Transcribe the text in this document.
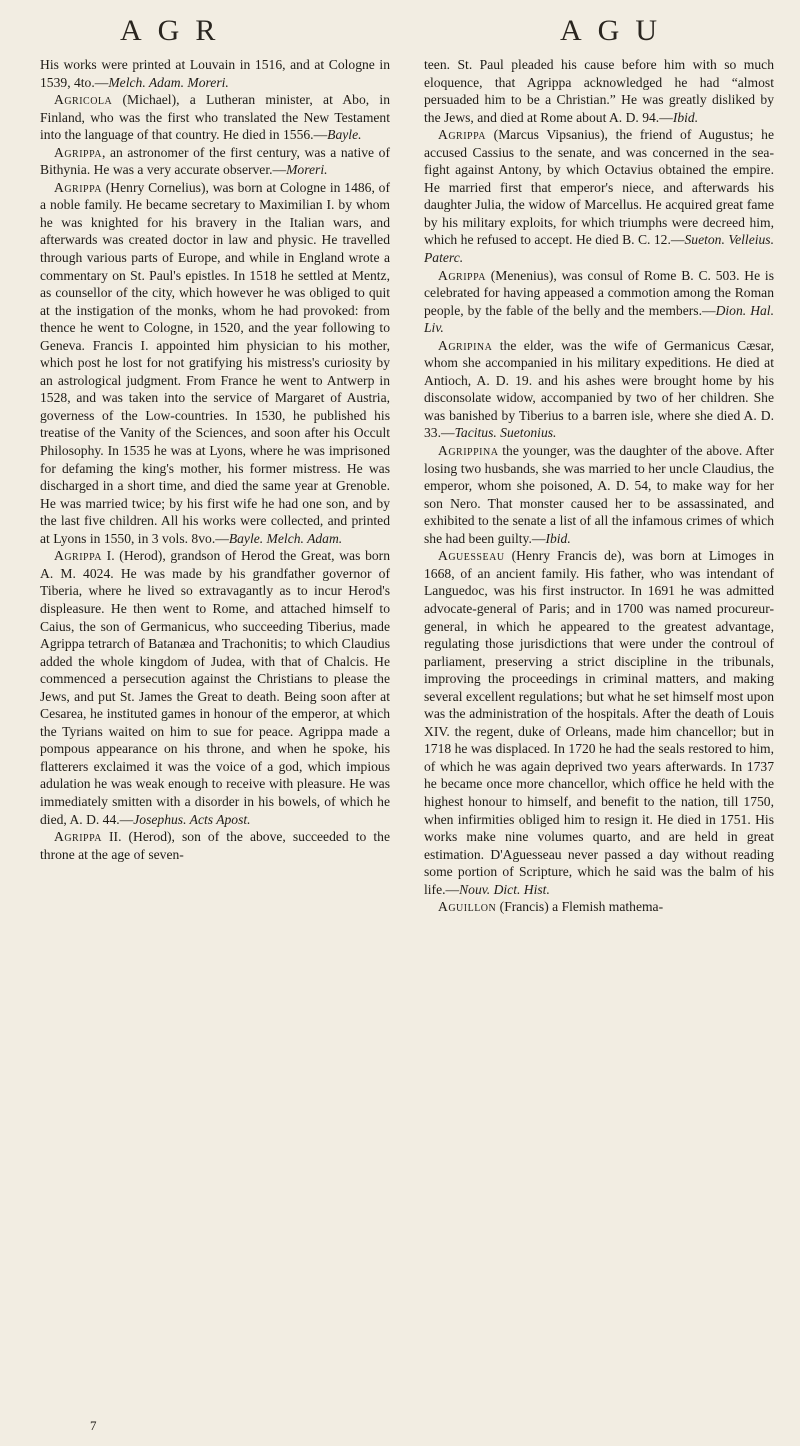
AGR	AGU

His works were printed at Louvain in 1516, and at Cologne in 1539, 4to.—Melch. Adam. Moreri.

Agricola (Michael), a Lutheran minister, at Abo, in Finland, who was the first who translated the New Testament into the language of that country. He died in 1556.—Bayle.

Agrippa, an astronomer of the first century, was a native of Bithynia. He was a very accurate observer.—Moreri.

Agrippa (Henry Cornelius), was born at Cologne in 1486, of a noble family. He became secretary to Maximilian I. by whom he was knighted for his bravery in the Italian wars, and afterwards was created doctor in law and physic. He travelled through various parts of Europe, and while in England wrote a commentary on St. Paul's epistles. In 1518 he settled at Mentz, as counsellor of the city, which however he was obliged to quit at the instigation of the monks, whom he had provoked: from thence he went to Cologne, in 1520, and the year following to Geneva. Francis I. appointed him physician to his mother, which post he lost for not gratifying his mistress's curiosity by an astrological judgment. From France he went to Antwerp in 1528, and was taken into the service of Margaret of Austria, governess of the Low-countries. In 1530, he published his treatise of the Vanity of the Sciences, and soon after his Occult Philosophy. In 1535 he was at Lyons, where he was imprisoned for defaming the king's mother, his former mistress. He was discharged in a short time, and died the same year at Grenoble. He was married twice; by his first wife he had one son, and by the last five children. All his works were collected, and printed at Lyons in 1550, in 3 vols. 8vo.—Bayle. Melch. Adam.

Agrippa I. (Herod), grandson of Herod the Great, was born A. M. 4024. He was made by his grandfather governor of Tiberia, where he lived so extravagantly as to incur Herod's displeasure. He then went to Rome, and attached himself to Caius, the son of Germanicus, who succeeding Tiberius, made Agrippa tetrarch of Batanæa and Trachonitis; to which Claudius added the whole kingdom of Judea, with that of Chalcis. He commenced a persecution against the Christians to please the Jews, and put St. James the Great to death. Being soon after at Cesarea, he instituted games in honour of the emperor, at which the Tyrians waited on him to sue for peace. Agrippa made a pompous appearance on his throne, and when he spoke, his flatterers exclaimed it was the voice of a god, which impious adulation he was weak enough to receive with pleasure. He was immediately smitten with a disorder in his bowels, of which he died, A. D. 44.—Josephus. Acts Apost.

Agrippa II. (Herod), son of the above, succeeded to the throne at the age of seven-

teen. St. Paul pleaded his cause before him with so much eloquence, that Agrippa acknowledged he had “almost persuaded him to be a Christian.” He was greatly disliked by the Jews, and died at Rome about A. D. 94.—Ibid.

Agrippa (Marcus Vipsanius), the friend of Augustus; he accused Cassius to the senate, and was concerned in the sea-fight against Antony, by which Octavius obtained the empire. He married first that emperor's niece, and afterwards his daughter Julia, the widow of Marcellus. He acquired great fame by his military exploits, for which triumphs were decreed him, which he refused to accept. He died B. C. 12.—Sueton. Velleius. Paterc.

Agrippa (Menenius), was consul of Rome B. C. 503. He is celebrated for having appeased a commotion among the Roman people, by the fable of the belly and the members.—Dion. Hal. Liv.

Agripina the elder, was the wife of Germanicus Cæsar, whom she accompanied in his military expeditions. He died at Antioch, A. D. 19. and his ashes were brought home by his disconsolate widow, accompanied by two of her children. She was banished by Tiberius to a barren isle, where she died A. D. 33.—Tacitus. Suetonius.

Agrippina the younger, was the daughter of the above. After losing two husbands, she was married to her uncle Claudius, the emperor, whom she poisoned, A. D. 54, to make way for her son Nero. That monster caused her to be assassinated, and exhibited to the senate a list of all the infamous crimes of which she had been guilty.—Ibid.

Aguesseau (Henry Francis de), was born at Limoges in 1668, of an ancient family. His father, who was intendant of Languedoc, was his first instructor. In 1691 he was admitted advocate-general of Paris; and in 1700 was named procureur-general, in which he appeared to the greatest advantage, regulating those jurisdictions that were under the controul of parliament, preserving a strict discipline in the tribunals, improving the proceedings in criminal matters, and making several excellent regulations; but what he set himself most upon was the administration of the hospitals. After the death of Louis XIV. the regent, duke of Orleans, made him chancellor; but in 1718 he was displaced. In 1720 he had the seals restored to him, of which he was again deprived two years afterwards. In 1737 he became once more chancellor, which office he held with the highest honour to himself, and benefit to the nation, till 1750, when infirmities obliged him to resign it. He died in 1751. His works make nine volumes quarto, and are held in great estimation. D'Aguesseau never passed a day without reading some portion of Scripture, which he said was the balm of his life.—Nouv. Dict. Hist.

Aguillon (Francis) a Flemish mathema-

7
